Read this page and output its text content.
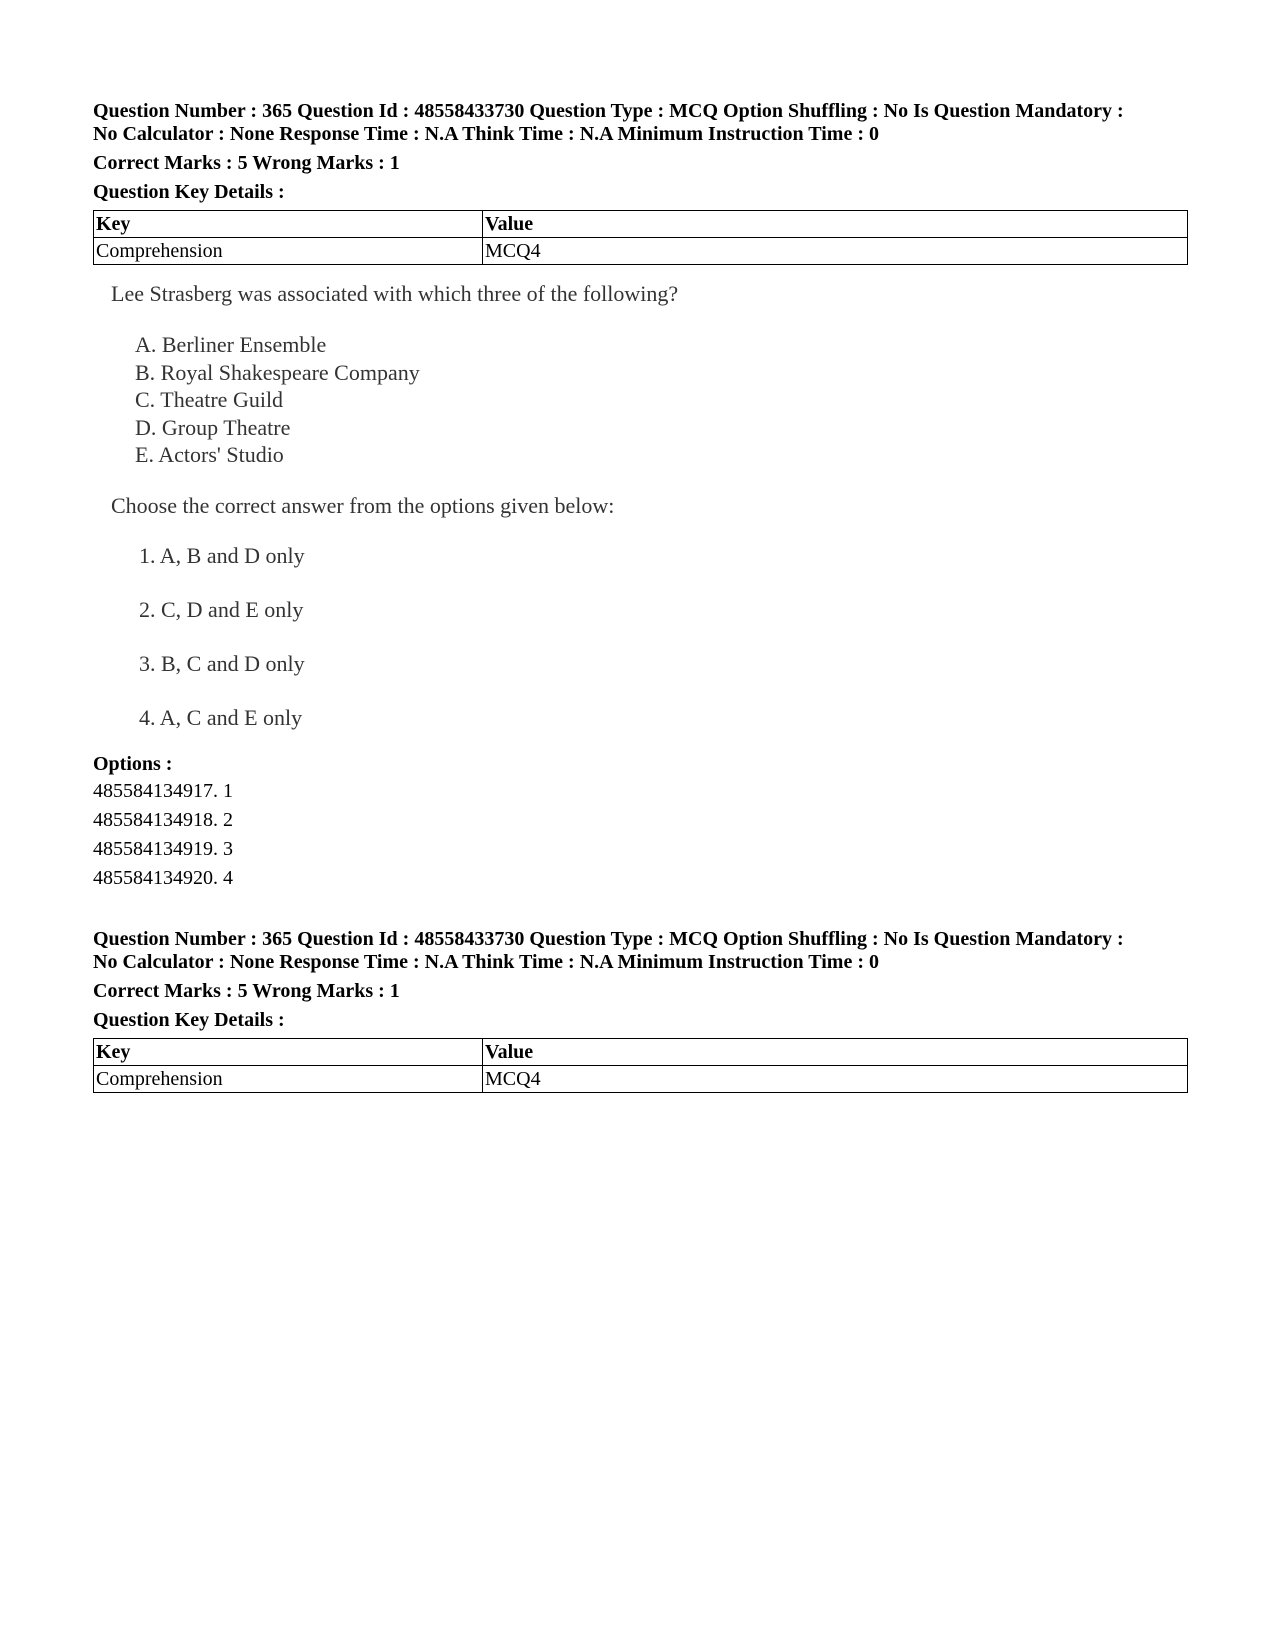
Question Number : 365 Question Id : 48558433730 Question Type : MCQ Option Shuffling : No Is Question Mandatory :
No Calculator : None Response Time : N.A Think Time : N.A Minimum Instruction Time : 0
Correct Marks : 5 Wrong Marks : 1
Question Key Details :
Key	Value
Comprehension	MCQ4

Lee Strasberg was associated with which three of the following?

A. Berliner Ensemble
B. Royal Shakespeare Company
C. Theatre Guild
D. Group Theatre
E. Actors' Studio
Choose the correct answer from the options given below:
1. A, B and D only
2. C, D and E only
3. B, C and D only
4. A, C and E only
Options :
485584134917. 1
485584134918. 2
485584134919. 3
485584134920. 4
Question Number : 365 Question Id : 48558433730 Question Type : MCQ Option Shuffling : No Is Question Mandatory :
No Calculator : None Response Time : N.A Think Time : N.A Minimum Instruction Time : 0
Correct Marks : 5 Wrong Marks : 1
Question Key Details :
Key	Value
Comprehension	MCQ4
